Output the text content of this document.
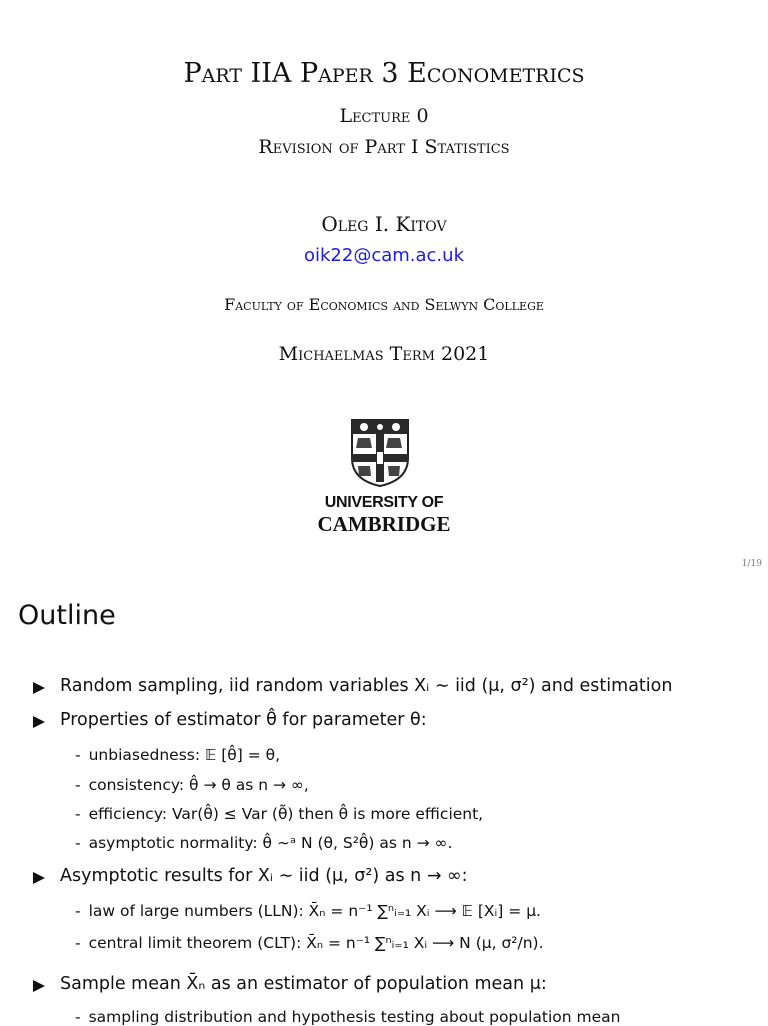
Part IIA Paper 3 Econometrics
Lecture 0
Revision of Part I Statistics
Oleg I. Kitov
oik22@cam.ac.uk
Faculty of Economics and Selwyn College
Michaelmas Term 2021
UNIVERSITY OF
CAMBRIDGE
1/19
Outline
Random sampling, iid random variables Xᵢ ∼ iid (μ, σ²) and estimation
Properties of estimator θ̂ for parameter θ:
- unbiasedness: 𝔼 [θ̂] = θ,
- consistency: θ̂ → θ as n → ∞,
- efficiency: Var(θ̂) ≤ Var (θ̃) then θ̂ is more efficient,
- asymptotic normality: θ̂ ∼ᵃ N (θ, S²θ̂) as n → ∞.
Asymptotic results for Xᵢ ∼ iid (μ, σ²) as n → ∞:
- law of large numbers (LLN): X̄ₙ = n⁻¹ ∑ⁿᵢ₌₁ Xᵢ ⟶ 𝔼 [Xᵢ] = μ.
- central limit theorem (CLT): X̄ₙ = n⁻¹ ∑ⁿᵢ₌₁ Xᵢ ⟶ N (μ, σ²/n).
Sample mean X̄ₙ as an estimator of population mean μ:
- sampling distribution and hypothesis testing about population mean
